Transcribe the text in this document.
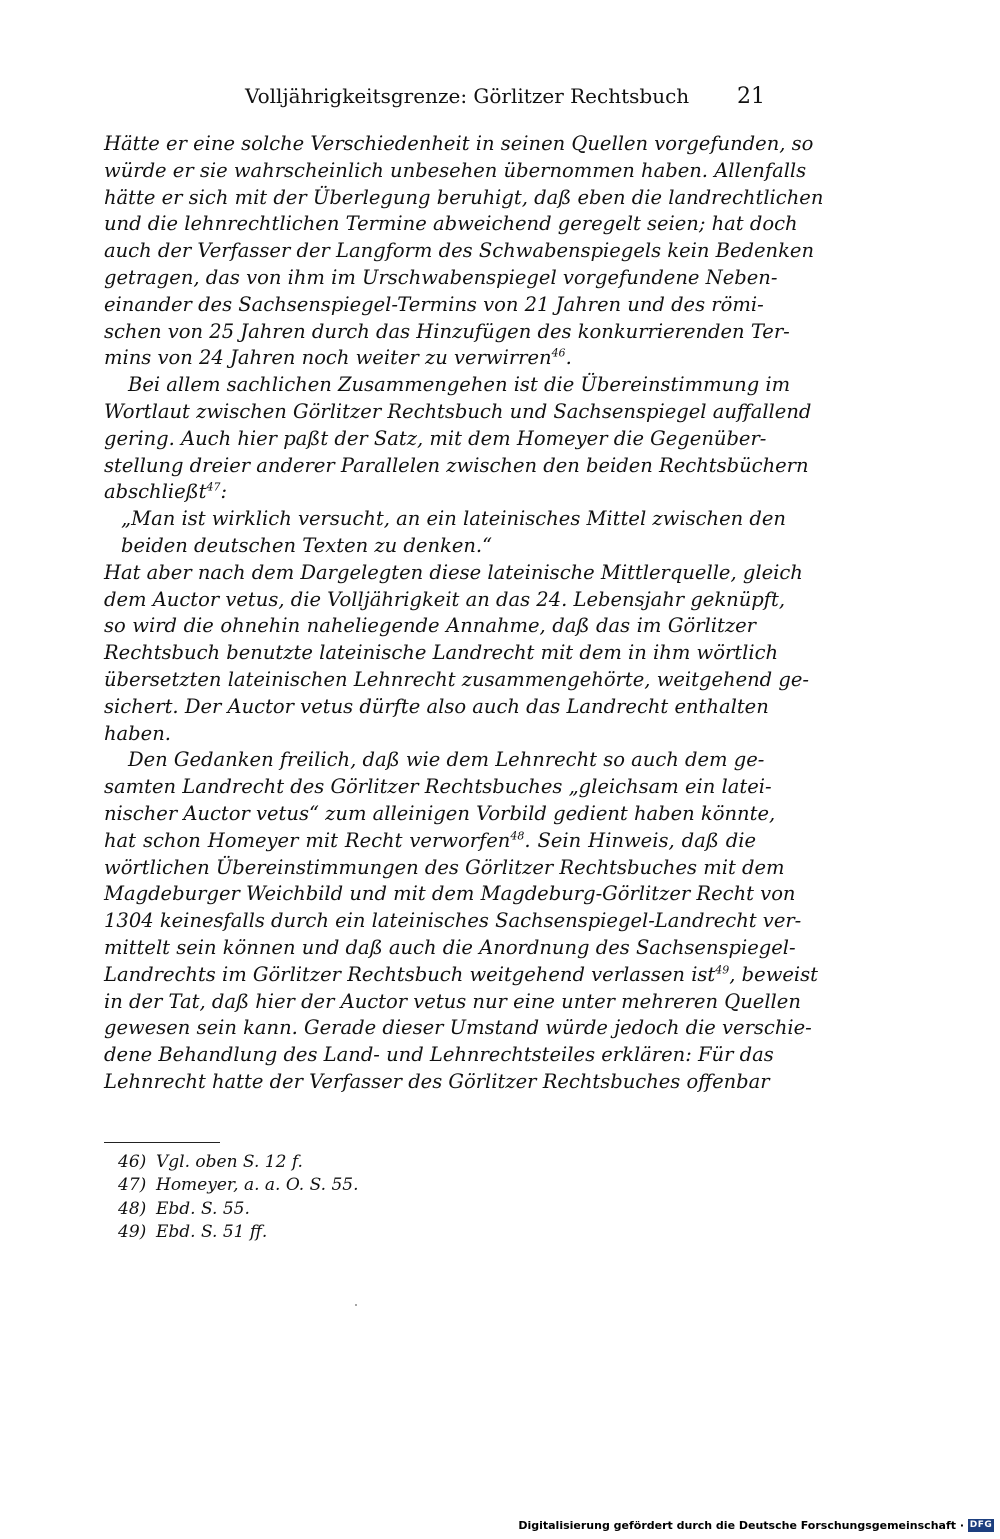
Volljährigkeitsgrenze: Görlitzer Rechtsbuch 21
Hätte er eine solche Verschiedenheit in seinen Quellen vorgefunden, so
würde er sie wahrscheinlich unbesehen übernommen haben. Allenfalls
hätte er sich mit der Überlegung beruhigt, daß eben die landrechtlichen
und die lehnrechtlichen Termine abweichend geregelt seien; hat doch
auch der Verfasser der Langform des Schwabenspiegels kein Bedenken
getragen, das von ihm im Urschwabenspiegel vorgefundene Neben-
einander des Sachsenspiegel-Termins von 21 Jahren und des römi-
schen von 25 Jahren durch das Hinzufügen des konkurrierenden Ter-
mins von 24 Jahren noch weiter zu verwirren$^{46}$.
Bei allem sachlichen Zusammengehen ist die Übereinstimmung im
Wortlaut zwischen Görlitzer Rechtsbuch und Sachsenspiegel auffallend
gering. Auch hier paßt der Satz, mit dem Homeyer die Gegenüber-
stellung dreier anderer Parallelen zwischen den beiden Rechtsbüchern
abschließt$^{47}$:
„Man ist wirklich versucht, an ein lateinisches Mittel zwischen den
beiden deutschen Texten zu denken.“
Hat aber nach dem Dargelegten diese lateinische Mittlerquelle, gleich
dem Auctor vetus, die Volljährigkeit an das 24. Lebensjahr geknüpft,
so wird die ohnehin naheliegende Annahme, daß das im Görlitzer
Rechtsbuch benutzte lateinische Landrecht mit dem in ihm wörtlich
übersetzten lateinischen Lehnrecht zusammengehörte, weitgehend ge-
sichert. Der Auctor vetus dürfte also auch das Landrecht enthalten
haben.
Den Gedanken freilich, daß wie dem Lehnrecht so auch dem ge-
samten Landrecht des Görlitzer Rechtsbuches „gleichsam ein latei-
nischer Auctor vetus“ zum alleinigen Vorbild gedient haben könnte,
hat schon Homeyer mit Recht verworfen$^{48}$. Sein Hinweis, daß die
wörtlichen Übereinstimmungen des Görlitzer Rechtsbuches mit dem
Magdeburger Weichbild und mit dem Magdeburg-Görlitzer Recht von
1304 keinesfalls durch ein lateinisches Sachsenspiegel-Landrecht ver-
mittelt sein können und daß auch die Anordnung des Sachsenspiegel-
Landrechts im Görlitzer Rechtsbuch weitgehend verlassen ist$^{49}$, beweist
in der Tat, daß hier der Auctor vetus nur eine unter mehreren Quellen
gewesen sein kann. Gerade dieser Umstand würde jedoch die verschie-
dene Behandlung des Land- und Lehnrechtsteiles erklären: Für das
Lehnrecht hatte der Verfasser des Görlitzer Rechtsbuches offenbar
46) Vgl. oben S. 12 f.
47) Homeyer, a. a. O. S. 55.
48) Ebd. S. 55.
49) Ebd. S. 51 ff.
Digitalisierung gefördert durch die Deutsche Forschungsgemeinschaft · DFG
